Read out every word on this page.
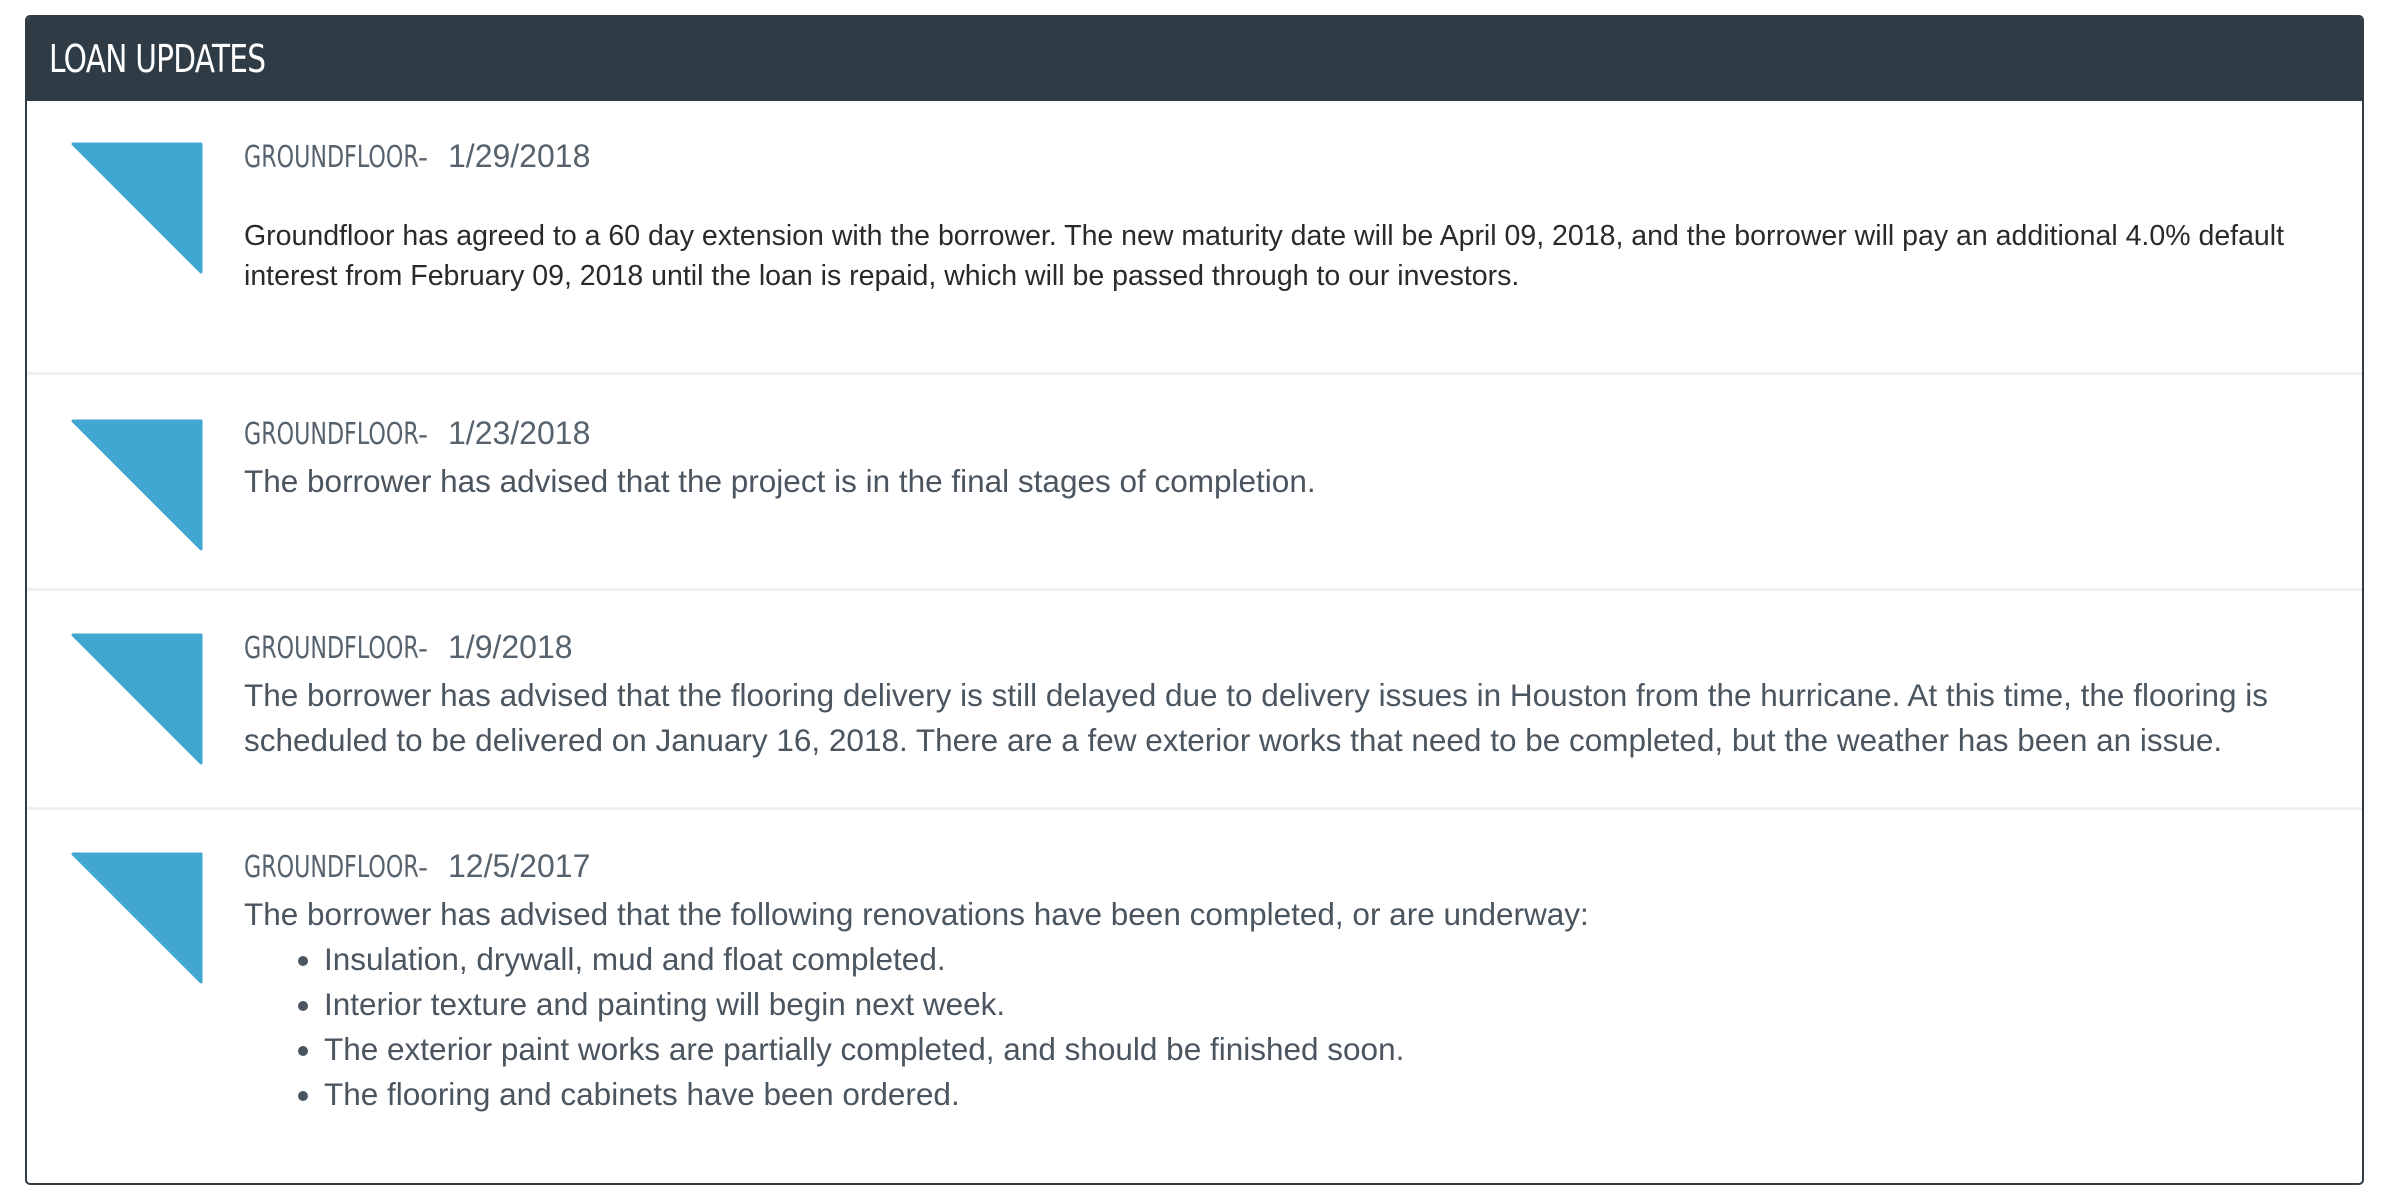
LOAN UPDATES
GROUNDFLOOR - 1/29/2018

Groundfloor has agreed to a 60 day extension with the borrower. The new maturity date will be April 09, 2018, and the borrower will pay an additional 4.0% default interest from February 09, 2018 until the loan is repaid, which will be passed through to our investors.

GROUNDFLOOR - 1/23/2018

The borrower has advised that the project is in the final stages of completion.

GROUNDFLOOR - 1/9/2018

The borrower has advised that the flooring delivery is still delayed due to delivery issues in Houston from the hurricane. At this time, the flooring is scheduled to be delivered on January 16, 2018. There are a few exterior works that need to be completed, but the weather has been an issue.

GROUNDFLOOR - 12/5/2017

The borrower has advised that the following renovations have been completed, or are underway:

• Insulation, drywall, mud and float completed.
• Interior texture and painting will begin next week.
• The exterior paint works are partially completed, and should be finished soon.
• The flooring and cabinets have been ordered.
